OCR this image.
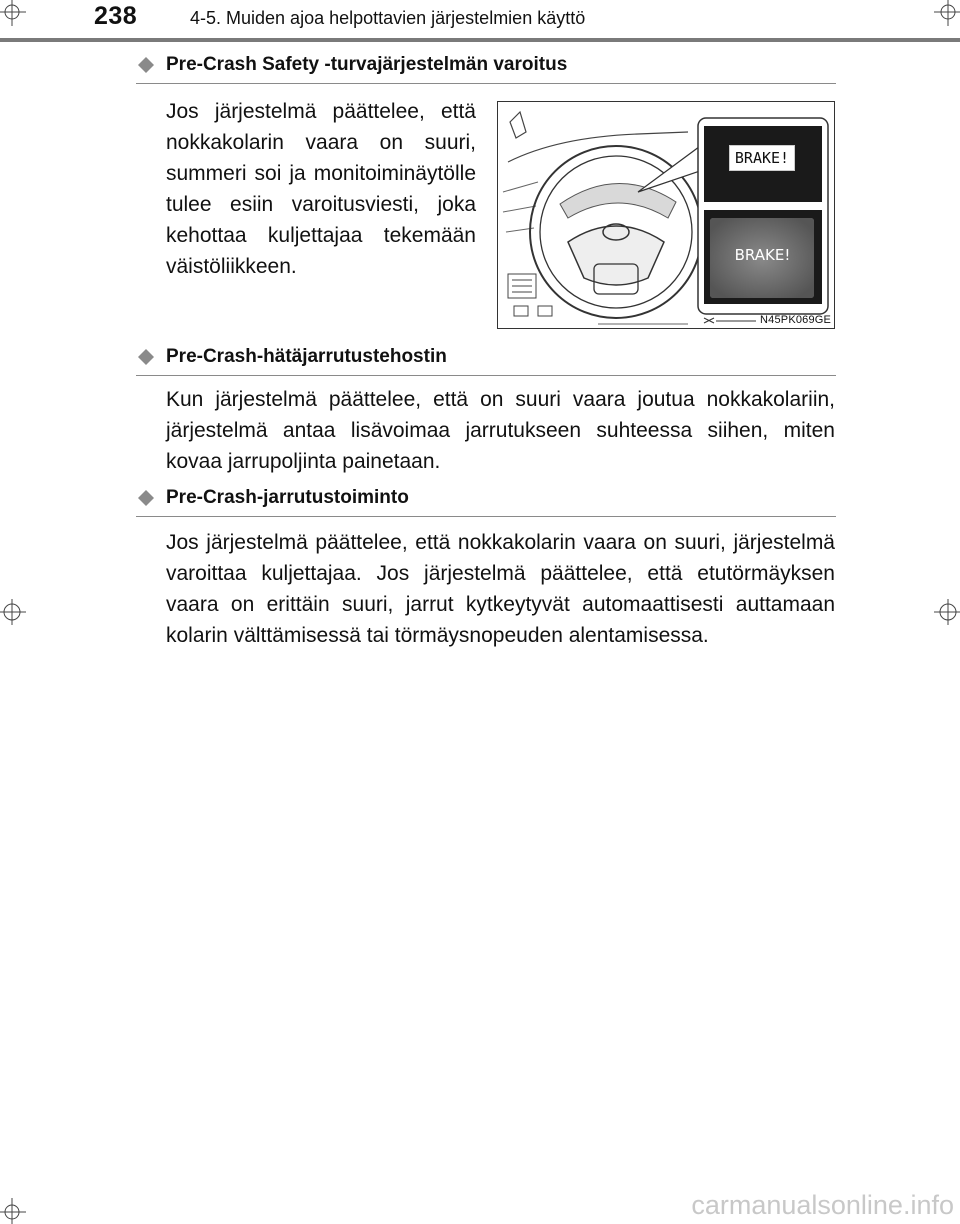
238	4-5. Muiden ajoa helpottavien järjestelmien käyttö
Pre-Crash Safety -turvajärjestelmän varoitus
Jos järjestelmä päättelee, että nokkakolarin vaara on suuri, summeri soi ja monitoiminäytölle tulee esiin varoitusviesti, joka kehottaa kuljettajaa tekemään väistöliikkeen.
BRAKE!
BRAKE!
N45PK069GE
Pre-Crash-hätäjarrutustehostin
Kun järjestelmä päättelee, että on suuri vaara joutua nokkakolariin, järjestelmä antaa lisävoimaa jarrutukseen suhteessa siihen, miten kovaa jarrupoljinta painetaan.
Pre-Crash-jarrutustoiminto
Jos järjestelmä päättelee, että nokkakolarin vaara on suuri, järjestelmä varoittaa kuljettajaa. Jos järjestelmä päättelee, että etutörmäyksen vaara on erittäin suuri, jarrut kytkeytyvät automaattisesti auttamaan kolarin välttämisessä tai törmäysnopeuden alentamisessa.
carmanualsonline.info
